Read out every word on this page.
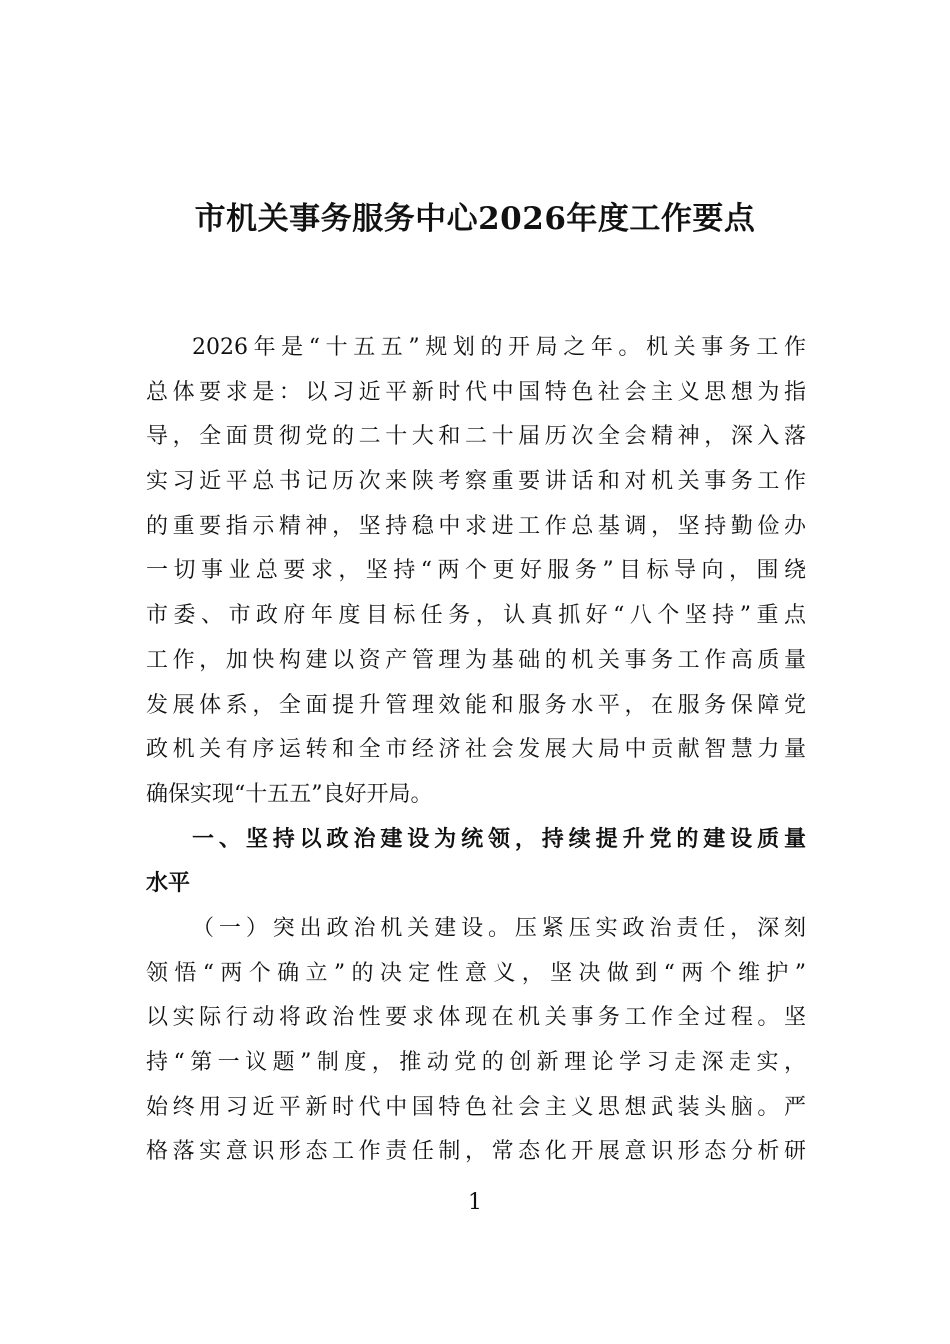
市机关事务服务中心2026年度工作要点
2026年是“十五五”规划的开局之年。机关事务工作
总体要求是：以习近平新时代中国特色社会主义思想为指
导，全面贯彻党的二十大和二十届历次全会精神，深入落
实习近平总书记历次来陕考察重要讲话和对机关事务工作
的重要指示精神，坚持稳中求进工作总基调，坚持勤俭办
一切事业总要求，坚持“两个更好服务”目标导向，围绕
市委、市政府年度目标任务，认真抓好“八个坚持”重点
工作，加快构建以资产管理为基础的机关事务工作高质量
发展体系，全面提升管理效能和服务水平，在服务保障党
政机关有序运转和全市经济社会发展大局中贡献智慧力量
确保实现“十五五”良好开局。
一、坚持以政治建设为统领，持续提升党的建设质量
水平
（一）突出政治机关建设。压紧压实政治责任，深刻
领悟“两个确立”的决定性意义，坚决做到“两个维护”
以实际行动将政治性要求体现在机关事务工作全过程。坚
持“第一议题”制度，推动党的创新理论学习走深走实，
始终用习近平新时代中国特色社会主义思想武装头脑。严
格落实意识形态工作责任制，常态化开展意识形态分析研
1
